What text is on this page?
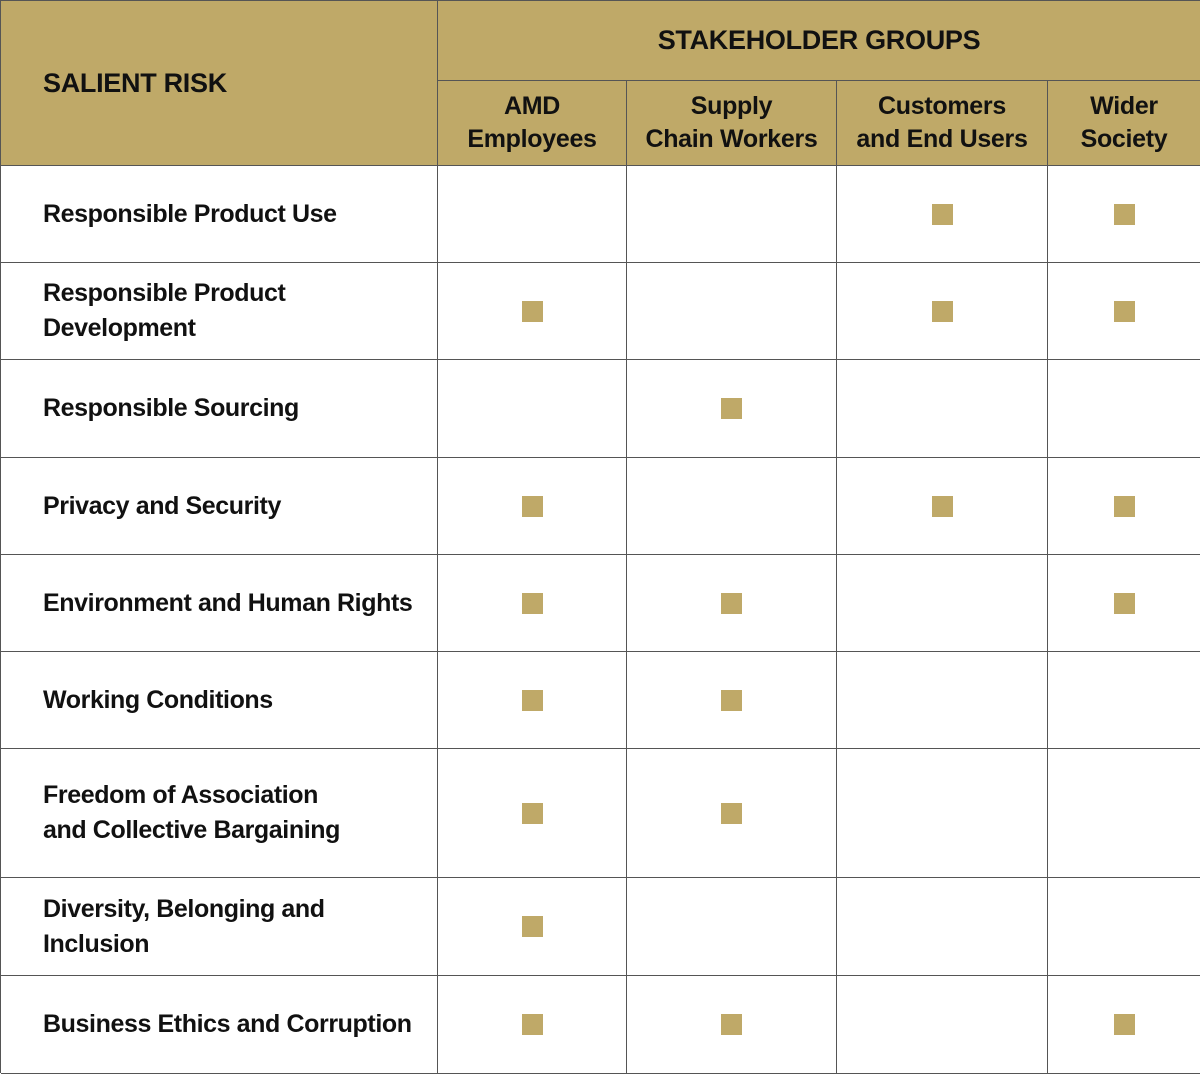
SALIENT RISK
STAKEHOLDER GROUPS
AMD
Employees
Supply
Chain Workers
Customers
and End Users
Wider
Society
Responsible Product Use
Responsible Product Development
Responsible Sourcing
Privacy and Security
Environment and Human Rights
Working Conditions
Freedom of Association
and Collective Bargaining
Diversity, Belonging and Inclusion
Business Ethics and Corruption
